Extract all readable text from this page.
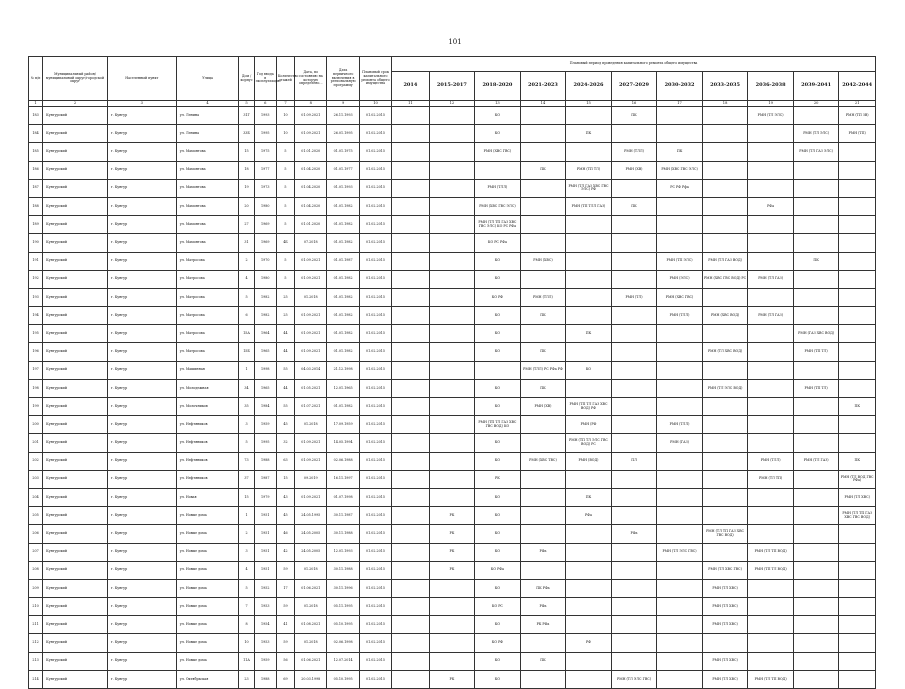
101
№ п/п	Муниципальный район/муниципальный округ/городской округ	Населенный пункт	Улица	Дом / корпус	Год ввода в эксплуатацию	Количество этажей	Дата, по состоянию на которую определено...	Дата первичного включения в региональную программу	Плановый срок капитального ремонта общего имущества	Плановый период проведения капитального ремонта общего имущества										
										2014	2015-2017	2018-2020	2021-2023	2024-2026	2027-2029	2030-2032	2033-2035	2036-2038	2039-2041	2042-2044
1	2	3	4	5	6	7	8	9	10	11	12	13	14	15	16	17	18	19	20	21
183	Кунгурский	г. Кунгур	ул. Ленина	31Г	1993	10	01.09.2021	26.11.1993	01.02.2015			КО			ПК			РМН (ТЛ ЭЛС)		РМН (ТП ЗВ)
184	Кунгурский	г. Кунгур	ул. Ленина	33Б	1995	10	01.09.2021	26.01.1995	01.02.2015			КО		ПК					РМН (ТЛ ЭЛС)	РМН (ТП)
185	Кунгурский	г. Кунгур	ул. Мамонтова	15	1975	5	01.01.2020	01.01.1975	01.02.2015			РМН (ХВС ГВС)			РМН (ТЛЛ)	ПК			РМН (ТЛ ГАЗ ЭЛС)	
186	Кунгурский	г. Кунгур	ул. Мамонтова	18	1977	5	01.04.2020	01.01.1977	01.02.2015				ПК	РМН (ТП ТЛ)	РМН (ХВ)	РМН (ХВС ГВС ЭЛС)				
187	Кунгурский	г. Кунгур	ул. Мамонтова	19	1973	5	01.04.2020	01.01.1993	01.02.2015			РМН (ТЛЛ)		РМН (ТЛ ГАЗ ХВС ГВС ЭЛС) РФ		РС РФ Рфа				
188	Кунгурский	г. Кунгур	ул. Мамонтова	20	1980	5	01.04.2020	01.01.1982	01.02.2015			РМН (ХВС ГВС ЭЛС)		РМН (ТП ТЛЛ ГАЗ)	ПК			РФа		
189	Кунгурский	г. Кунгур	ул. Мамонтова	27	1969	5	01.01.2020	01.01.1982	01.02.2015			РМН (ТЛ ТП ГАЗ ХВС ГВС ЭЛС) КО РС РФа								
190	Кунгурский	г. Кунгур	ул. Мамонтова	31	1969	4Б	07.2018	01.01.1982	01.02.2015			КО РС РФа								
191	Кунгурский	г. Кунгур	ул. Матросова	2	1970	5	01.09.2021	01.01.1987	01.02.2015			КО	РМН (ХВС)			РМН (ТП ЭЛС)	РМН (ТЛ ГАЗ ВОД)		ПК	
192	Кунгурский	г. Кунгур	ул. Матросова	4	1980	5	01.09.2021	01.01.1982	01.02.2015			КО				РМН (ЭЛС)	РМН (ХВС ГВС ВОД) РС	РМН (ТЛ ГАЗ)		
193	Кунгурский	г. Кунгур	ул. Матросова	5	1982	25	01.2018	01.01.1982	01.02.2015			КО РФ	РМН (ТЛЛ)		РМН (ТЛ)	РМН (ХВС ГВС)				
194	Кунгурский	г. Кунгур	ул. Матросова	6	1982	25	01.09.2021	01.01.1982	01.02.2015			КО	ПК			РМН (ТЛЛ)	РМН (ХВС ВОД)	РМН (ТЛ ГАЗ)		
195	Кунгурский	г. Кунгур	ул. Матросова	15А	1964	44	01.09.2021	01.01.1982	01.02.2015			КО		ПК					РМН (ГАЗ ХВС ВОД)	
196	Кунгурский	г. Кунгур	ул. Матросова	15Б	1965	44	01.09.2021	01.01.1982	01.02.2015			КО	ПК				РМН (ТЛ ХВС ВОД)		РМН (ТП ТЛ)	
197	Кунгурский	г. Кунгур	ул. Машинная	1	1998	55	04.03.2014	21.12.1998	01.02.2015				РМН (ТЛЛ) РС РФа РФ	КО						
198	Кунгурский	г. Кунгур	ул. Молодежная	34	1965	44	01.05.2021	12.01.1965	01.02.2015			КО	ПК				РМН (ТЛ ЭЛС ВОД)		РМН (ТП ТЛ)	
199	Кунгурский	г. Кунгур	ул. Молочников	35	1984	55	01.07.2021	01.01.1982	01.02.2015			КО	РМН (ХВ)	РМН (ТП ТЛ ГАЗ ХВС ВОД) РФ						ПК
200	Кунгурский	г. Кунгур	ул. Нефтяников	3	1959	45	01.2018	17.09.1959	01.02.2015			РМН (ТП ТЛ ГАЗ ХВС ГВС ВОД) КО		РМН (РФ		РМН (ТЛЛ)				
201	Кунгурский	г. Кунгур	ул. Нефтяников	5	1995	32	01.09.2021	14.05.1994	01.02.2015			КО		РМН (ТП ТЛ ЭЛС ГВС ВОД) РС		РМН (ГАЗ)				
202	Кунгурский	г. Кунгур	ул. Нефтяников	73	1988	63	01.09.2021	02.06.1988	01.02.2015			КО	РМН (ХВС ТВС)	РМН (ВОД)	ПЛ			РМН (ТЛЛ)	РМН (ТЛ ГАЗ)	ПК
203	Кунгурский	г. Кунгур	ул. Нефтяников	37	1987	15	09.2019	16.11.1997	01.02.2015			РК						РМН (ТЛ ТП)		РМН (ТЛ ВОД ГВС РФа)
204	Кунгурский	г. Кунгур	ул. Новая	15	1979	43	01.09.2021	01.07.1998	01.02.2015			КО		ПК						РМН (ТЛ ХВС)
205	Кунгурский	г. Кунгур	ул. Новые дома	1	1951	45	24.05.1995	30.11.1987	01.02.2015		РК	КО		РФа						РМН (ТЛ ТП ГАЗ ХВС ГВС ВОД)
206	Кунгурский	г. Кунгур	ул. Новые дома	2	1951	46	24.05.2005	30.11.1988	01.02.2015		РК	КО			РФа		РМН (ТЛ ТП ГАЗ ХВС ГВС ВОД)			
207	Кунгурский	г. Кунгур	ул. Новые дома	3	1951	42	24.05.2005	12.01.1993	01.02.2015		РК	КО	РФа			РМН (ТЛ ЭЛС ГВС)		РМН (ТЛ ТП ВОД)		
208	Кунгурский	г. Кунгур	ул. Новые дома	4	1951	59	01.2018	30.11.1988	01.02.2015		РК	КО РФа					РМН (ТЛ ХВС ГВС)	РМН (ТП ТЛ ВОД)		
209	Кунгурский	г. Кунгур	ул. Новые дома	5	1952	17	01.06.2021	30.11.1996	01.02.2015			КО	ПК РФа				РМН (ТЛ ХВС)			
210	Кунгурский	г. Кунгур	ул. Новые дома	7	1953	59	01.2018	05.11.1995	01.02.2015			КО РС	РФа				РМН (ТЛ ХВС)			
211	Кунгурский	г. Кунгур	ул. Новые дома	8	1954	41	01.08.2021	05.10.1995	01.02.2015			КО	РК РФа				РМН (ТЛ ХВС)			
212	Кунгурский	г. Кунгур	ул. Новые дома	10	1953	59	01.2018	02.06.1998	01.02.2015			КО РФ		РФ						
213	Кунгурский	г. Кунгур	ул. Новые дома	11А	1959	56	01.06.2021	12.07.2014	01.02.2015			КО	ПК				РМН (ТЛ ХВС)			
214	Кунгурский	г. Кунгур	ул. Октябрьская	23	1988	69	20.03.1998	05.10.1995	01.02.2015		РК	КО			РМН (ТЛ ЭЛС ГВС)		РМН (ТЛ ХВС)	РМН (ТЛ ТП ВОД)		
